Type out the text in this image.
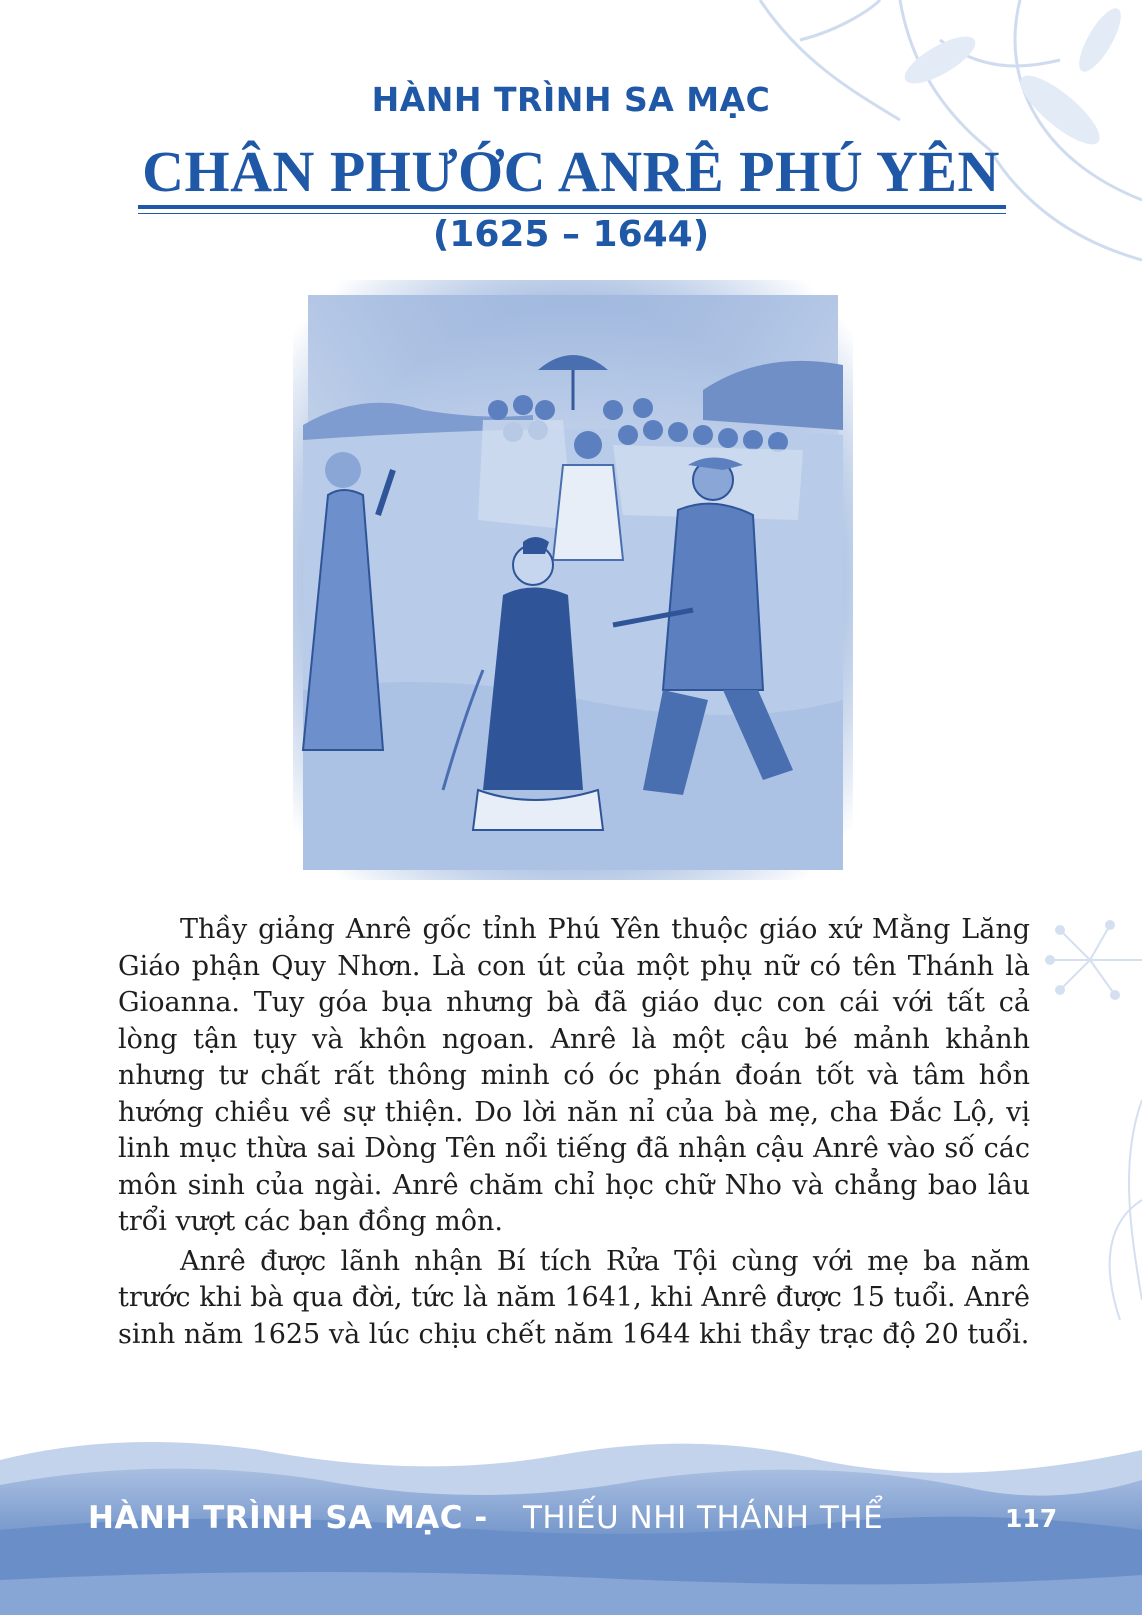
HÀNH TRÌNH SA MẠC
CHÂN PHƯỚC ANRÊ PHÚ YÊN
(1625 – 1644)

Thầy giảng Anrê gốc tỉnh Phú Yên thuộc giáo xứ Mằng Lăng Giáo phận Quy Nhơn. Là con út của một phụ nữ có tên Thánh là Gioanna. Tuy góa bụa nhưng bà đã giáo dục con cái với tất cả lòng tận tụy và khôn ngoan. Anrê là một cậu bé mảnh khảnh nhưng tư chất rất thông minh có óc phán đoán tốt và tâm hồn hướng chiều về sự thiện. Do lời năn nỉ của bà mẹ, cha Đắc Lộ, vị linh mục thừa sai Dòng Tên nổi tiếng đã nhận cậu Anrê vào số các môn sinh của ngài. Anrê chăm chỉ học chữ Nho và chẳng bao lâu trổi vượt các bạn đồng môn.

Anrê được lãnh nhận Bí tích Rửa Tội cùng với mẹ ba năm trước khi bà qua đời, tức là năm 1641, khi Anrê được 15 tuổi. Anrê sinh năm 1625 và lúc chịu chết năm 1644 khi thầy trạc độ 20 tuổi.

HÀNH TRÌNH SA MẠC - THIẾU NHI THÁNH THỂ	117
